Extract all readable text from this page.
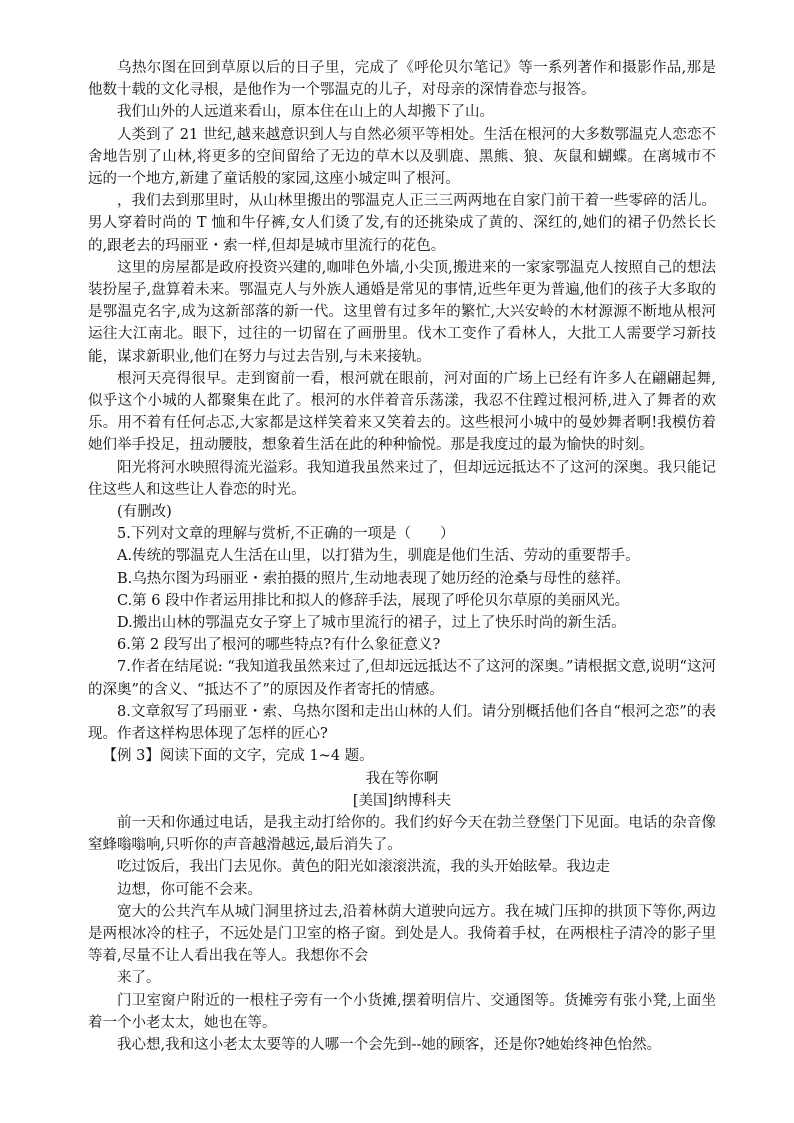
乌热尔图在回到草原以后的日子里，完成了《呼伦贝尔笔记》等一系列著作和摄影作品,那是他数十载的文化寻根，是他作为一个鄂温克的儿子，对母亲的深情眷恋与报答。

我们山外的人远道来看山，原本住在山上的人却搬下了山。

人类到了 21 世纪,越来越意识到人与自然必须平等相处。生活在根河的大多数鄂温克人恋恋不舍地告别了山林,将更多的空间留给了无边的草木以及驯鹿、黑熊、狼、灰鼠和蝴蝶。在离城市不远的一个地方,新建了童话般的家园,这座小城定叫了根河。

，我们去到那里时，从山林里搬出的鄂温克人正三三两两地在自家门前干着一些零碎的活儿。男人穿着时尚的 T 恤和牛仔裤,女人们烫了发,有的还挑染成了黄的、深红的,她们的裙子仍然长长的,跟老去的玛丽亚・索一样,但却是城市里流行的花色。

这里的房屋都是政府投资兴建的,咖啡色外墙,小尖顶,搬进来的一家家鄂温克人按照自己的想法装扮屋子,盘算着未来。鄂温克人与外族人通婚是常见的事情,近些年更为普遍,他们的孩子大多取的是鄂温克名字,成为这新部落的新一代。这里曾有过多年的繁忙,大兴安岭的木材源源不断地从根河运往大江南北。眼下，过往的一切留在了画册里。伐木工变作了看林人，大批工人需要学习新技能，谋求新职业,他们在努力与过去告别,与未来接轨。

根河天亮得很早。走到窗前一看，根河就在眼前，河对面的广场上已经有许多人在翩翩起舞,似乎这个小城的人都聚集在此了。根河的水伴着音乐荡漾，我忍不住蹚过根河桥,进入了舞者的欢乐。用不着有任何忐忑,大家都是这样笑着来又笑着去的。这些根河小城中的曼妙舞者啊!我模仿着她们举手投足，扭动腰肢，想象着生活在此的种种愉悦。那是我度过的最为愉快的时刻。

阳光将河水映照得流光溢彩。我知道我虽然来过了，但却远远抵达不了这河的深奥。我只能记住这些人和这些让人眷恋的时光。

(有删改)

5.下列对文章的理解与赏析,不正确的一项是（　　）

A.传统的鄂温克人生活在山里，以打猎为生，驯鹿是他们生活、劳动的重要帮手。

B.乌热尔图为玛丽亚・索拍摄的照片,生动地表现了她历经的沧桑与母性的慈祥。

C.第 6 段中作者运用排比和拟人的修辞手法，展现了呼伦贝尔草原的美丽风光。

D.搬出山林的鄂温克女子穿上了城市里流行的裙子，过上了快乐时尚的新生活。

6.第 2 段写出了根河的哪些特点?有什么象征意义?

7.作者在结尾说: “我知道我虽然来过了,但却远远抵达不了这河的深奥。”请根据文意,说明“这河的深奥”的含义、“抵达不了”的原因及作者寄托的情感。

8.文章叙写了玛丽亚・索、乌热尔图和走出山林的人们。请分别概括他们各自“根河之恋”的表现。作者这样构思体现了怎样的匠心?

【例 3】阅读下面的文字，完成 1~4 题。

我在等你啊

[美国]纳博科夫

前一天和你通过电话，是我主动打给你的。我们约好今天在勃兰登堡门下见面。电话的杂音像窒蜂嗡嗡响,只听你的声音越滑越远,最后消失了。

吃过饭后，我出门去见你。黄色的阳光如滚滚洪流，我的头开始眩晕。我边走

边想，你可能不会来。

宽大的公共汽车从城门洞里挤过去,沿着林荫大道驶向远方。我在城门压抑的拱顶下等你,两边是两根冰冷的柱子，不远处是门卫室的格子窗。到处是人。我倚着手杖，在两根柱子清冷的影子里等着,尽量不让人看出我在等人。我想你不会

来了。

门卫室窗户附近的一根柱子旁有一个小货摊,摆着明信片、交通图等。货摊旁有张小凳,上面坐着一个小老太太，她也在等。

我心想,我和这小老太太要等的人哪一个会先到--她的顾客，还是你?她始终神色怡然。
